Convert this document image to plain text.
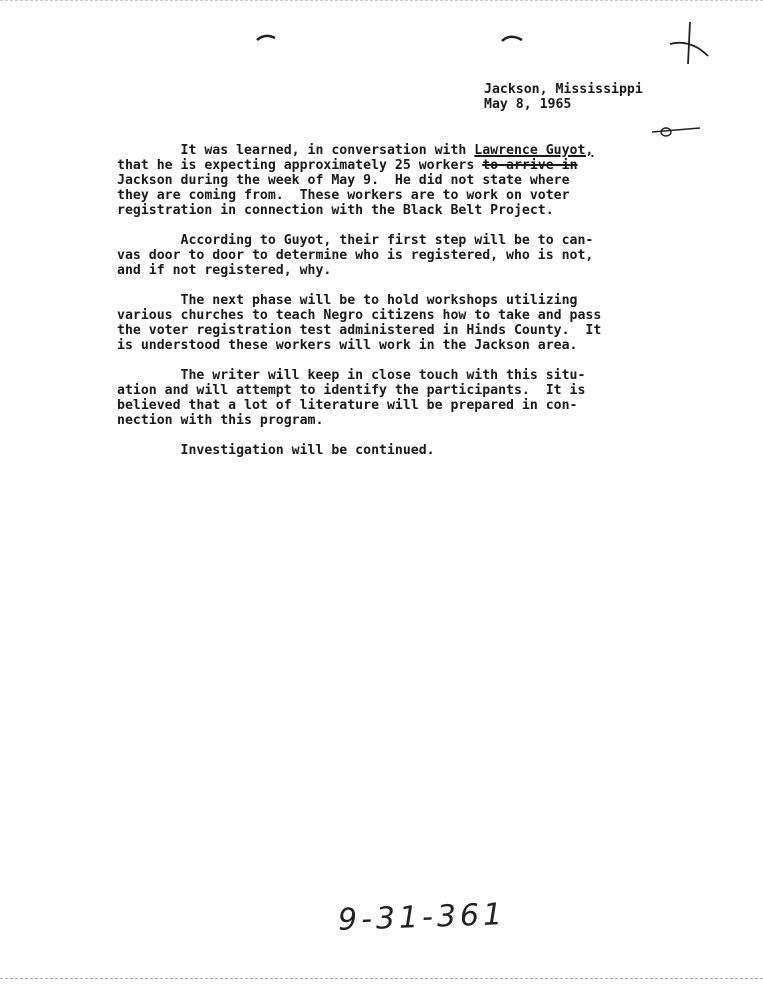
Jackson, Mississippi
May 8, 1965
It was learned, in conversation with Lawrence Guyot,
that he is expecting approximately 25 workers to arrive in
Jackson during the week of May 9.  He did not state where
they are coming from.  These workers are to work on voter
registration in connection with the Black Belt Project.

According to Guyot, their first step will be to can-
vas door to door to determine who is registered, who is not,
and if not registered, why.

The next phase will be to hold workshops utilizing
various churches to teach Negro citizens how to take and pass
the voter registration test administered in Hinds County.  It
is understood these workers will work in the Jackson area.

The writer will keep in close touch with this situ-
ation and will attempt to identify the participants.  It is
believed that a lot of literature will be prepared in con-
nection with this program.

Investigation will be continued.
9-31-361
